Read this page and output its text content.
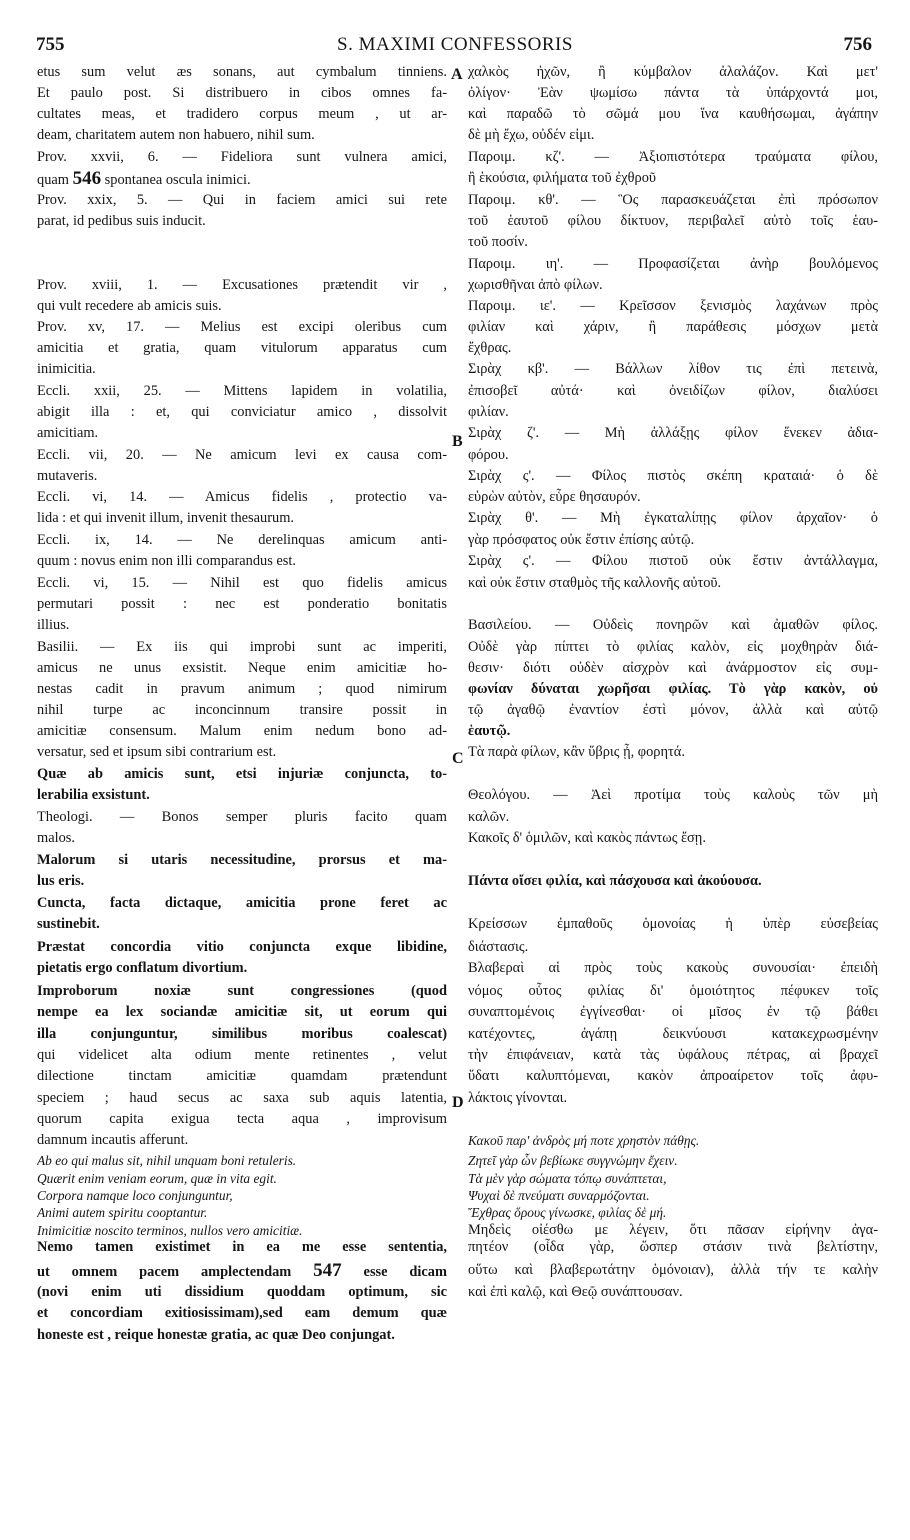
755	S. MAXIMI CONFESSORIS	756
etus sum velut æs sonans, aut cymbalum tinniens.
Et paulo post. Si distribuero in cibos omnes fa-
cultates meas, et tradidero corpus meum , ut ar-
deam, charitatem autem non habuero, nihil sum.
Prov. xxvii, 6. — Fideliora sunt vulnera amici,
quam 546 spontanea oscula inimici.
Prov. xxix, 5. — Qui in faciem amici sui rete
parat, id pedibus suis inducit.
Prov. xviii, 1. — Excusationes prætendit vir ,
qui vult recedere ab amicis suis.
Prov. xv, 17. — Melius est excipi oleribus cum
amicitia et gratia, quam vitulorum apparatus cum
inimicitia.
Eccli. xxii, 25. — Mittens lapidem in volatilia,
abigit illa : et, qui conviciatur amico , dissolvit
amicitiam.
Eccli. vii, 20. — Ne amicum levi ex causa com-
mutaveris.
Eccli. vi, 14. — Amicus fidelis , protectio va-
lida : et qui invenit illum, invenit thesaurum.
Eccli. ix, 14. — Ne derelinquas amicum anti-
quum : novus enim non illi comparandus est.
Eccli. vi, 15. — Nihil est quo fidelis amicus
permutari possit : nec est ponderatio bonitatis
illius.
Basilii. — Ex iis qui improbi sunt ac imperiti,
amicus ne unus exsistit. Neque enim amicitiæ ho-
nestas cadit in pravum animum ; quod nimirum
nihil turpe ac inconcinnum transire possit in
amicitiæ consensum. Malum enim nedum bono ad-
versatur, sed et ipsum sibi contrarium est.
Quæ ab amicis sunt, etsi injuriæ conjuncta, to-
lerabilia exsistunt.
Theologi. — Bonos semper pluris facito quam
malos.
Malorum si utaris necessitudine, prorsus et ma-
lus eris.
Cuncta, facta dictaque, amicitia prone feret ac
sustinebit.
Præstat concordia vitio conjuncta exque libidine,
pietatis ergo conflatum divortium.
Improborum noxiæ sunt congressiones (quod
nempe ea lex sociandæ amicitiæ sit, ut eorum qui
illa conjunguntur, similibus moribus coalescat)
qui videlicet alta odium mente retinentes , velut
dilectione tinctam amicitiæ quamdam prætendunt
speciem ; haud secus ac saxa sub aquis latentia,
quorum capita exigua tecta aqua , improvisum
damnum incautis afferunt.
Ab eo qui malus sit, nihil unquam boni retuleris.
Quærit enim veniam eorum, quæ in vita egit.
Corpora namque loco conjunguntur,
Animi autem spiritu cooptantur.
Inimicitiæ noscito terminos, nullos vero amicitiæ.
Nemo tamen existimet in ea me esse sententia,
ut omnem pacem amplectendam 547 esse dicam
(novi enim uti dissidium quoddam optimum, sic
et concordiam exitiosissimam),sed eam demum quæ
honeste est , reique honestæ gratia, ac quæ Deo conjungat.
χαλκὸς ἠχῶν, ἢ κύμβαλον ἀλαλάζον. Καὶ μετ'
ὀλίγον· Ἐὰν ψωμίσω πάντα τὰ ὑπάρχοντά μοι,
καὶ παραδῶ τὸ σῶμά μου ἵνα καυθήσωμαι, ἀγάπην
δὲ μὴ ἔχω, οὐδέν εἰμι.
Παροιμ. κζ'. — Ἀξιοπιστότερα τραύματα φίλου,
ἢ ἑκούσια, φιλήματα τοῦ ἐχθροῦ
Παροιμ. κθ'. — Ὃς παρασκευάζεται ἐπὶ πρόσωπον
τοῦ ἑαυτοῦ φίλου δίκτυον, περιβαλεῖ αὐτὸ τοῖς ἑαυ-
τοῦ ποσίν.
Παροιμ. ιη'. — Προφασίζεται ἀνὴρ βουλόμενος
χωρισθῆναι ἀπὸ φίλων.
Παροιμ. ιε'. — Κρεῖσσον ξενισμὸς λαχάνων πρὸς
φιλίαν καὶ χάριν, ἢ παράθεσις μόσχων μετὰ
ἔχθρας.
Σιρὰχ κβ'. — Βάλλων λίθον τις ἐπὶ πετεινὰ,
ἐπισοβεῖ αὐτά· καὶ ὀνειδίζων φίλον, διαλύσει
φιλίαν.
Σιρὰχ ζ'. — Μὴ ἀλλάξῃς φίλον ἕνεκεν ἀδια-
φόρου.
Σιρὰχ ς'. — Φίλος πιστὸς σκέπη κραταιά· ὁ δὲ
εὑρὼν αὐτὸν, εὗρε θησαυρόν.
Σιρὰχ θ'. — Μὴ ἐγκαταλίπῃς φίλον ἀρχαῖον· ὁ
γὰρ πρόσφατος οὐκ ἔστιν ἐπίσης αὐτῷ.
Σιρὰχ ς'. — Φίλου πιστοῦ οὐκ ἔστιν ἀντάλλαγμα,
καὶ οὐκ ἔστιν σταθμὸς τῆς καλλονῆς αὐτοῦ.
Βασιλείου. — Οὐδεὶς πονηρῶν καὶ ἀμαθῶν φίλος.
Οὐδὲ γὰρ πίπτει τὸ φιλίας καλὸν, εἰς μοχθηρὰν διά-
θεσιν· διότι οὐδὲν αἰσχρὸν καὶ ἀνάρμοστον εἰς συμ-
φωνίαν δύναται χωρῆσαι φιλίας. Τὸ γὰρ κακὸν, οὐ
τῷ ἀγαθῷ ἐναντίον ἐστὶ μόνον, ἀλλὰ καὶ αὐτῷ
ἑαυτῷ.
Τὰ παρὰ φίλων, κἂν ὕβρις ᾖ, φορητά.
Θεολόγου. — Ἀεὶ προτίμα τοὺς καλοὺς τῶν μὴ
καλῶν.
Κακοῖς δ' ὁμιλῶν, καὶ κακὸς πάντως ἔσῃ.
Πάντα οἴσει φιλία, καὶ πάσχουσα καὶ ἀκούουσα.
Κρείσσων ἐμπαθοῦς ὁμονοίας ἡ ὑπὲρ εὐσεβείας
διάστασις.
Βλαβεραὶ αἱ πρὸς τοὺς κακοὺς συνουσίαι· ἐπειδὴ
νόμος οὗτος φιλίας δι' ὁμοιότητος πέφυκεν τοῖς
συναπτομένοις ἐγγίνεσθαι· οἱ μῖσος ἐν τῷ βάθει
κατέχοντες, ἀγάπῃ δεικνύουσι κατακεχρωσμένην
τὴν ἐπιφάνειαν, κατὰ τὰς ὑφάλους πέτρας, αἱ βραχεῖ
ὕδατι καλυπτόμεναι, κακὸν ἀπροαίρετον τοῖς ἀφυ-
λάκτοις γίνονται.
Κακοῦ παρ' ἀνδρὸς μή ποτε χρηστὸν πάθῃς.
Ζητεῖ γὰρ ὧν βεβίωκε συγγνώμην ἔχειν.
Τὰ μὲν γὰρ σώματα τόπῳ συνάπτεται,
Ψυχαὶ δὲ πνεύματι συναρμόζονται.
Ἔχθρας ὅρους γίνωσκε, φιλίας δὲ μή.
Μηδεὶς οἰέσθω με λέγειν, ὅτι πᾶσαν εἰρήνην ἀγα-
πητέον (οἶδα γὰρ, ὥσπερ στάσιν τινὰ βελτίστην,
οὕτω καὶ βλαβερωτάτην ὁμόνοιαν), ἀλλὰ τήν τε καλὴν
καὶ ἐπὶ καλῷ, καὶ Θεῷ συνάπτουσαν.
A
B
C
D
